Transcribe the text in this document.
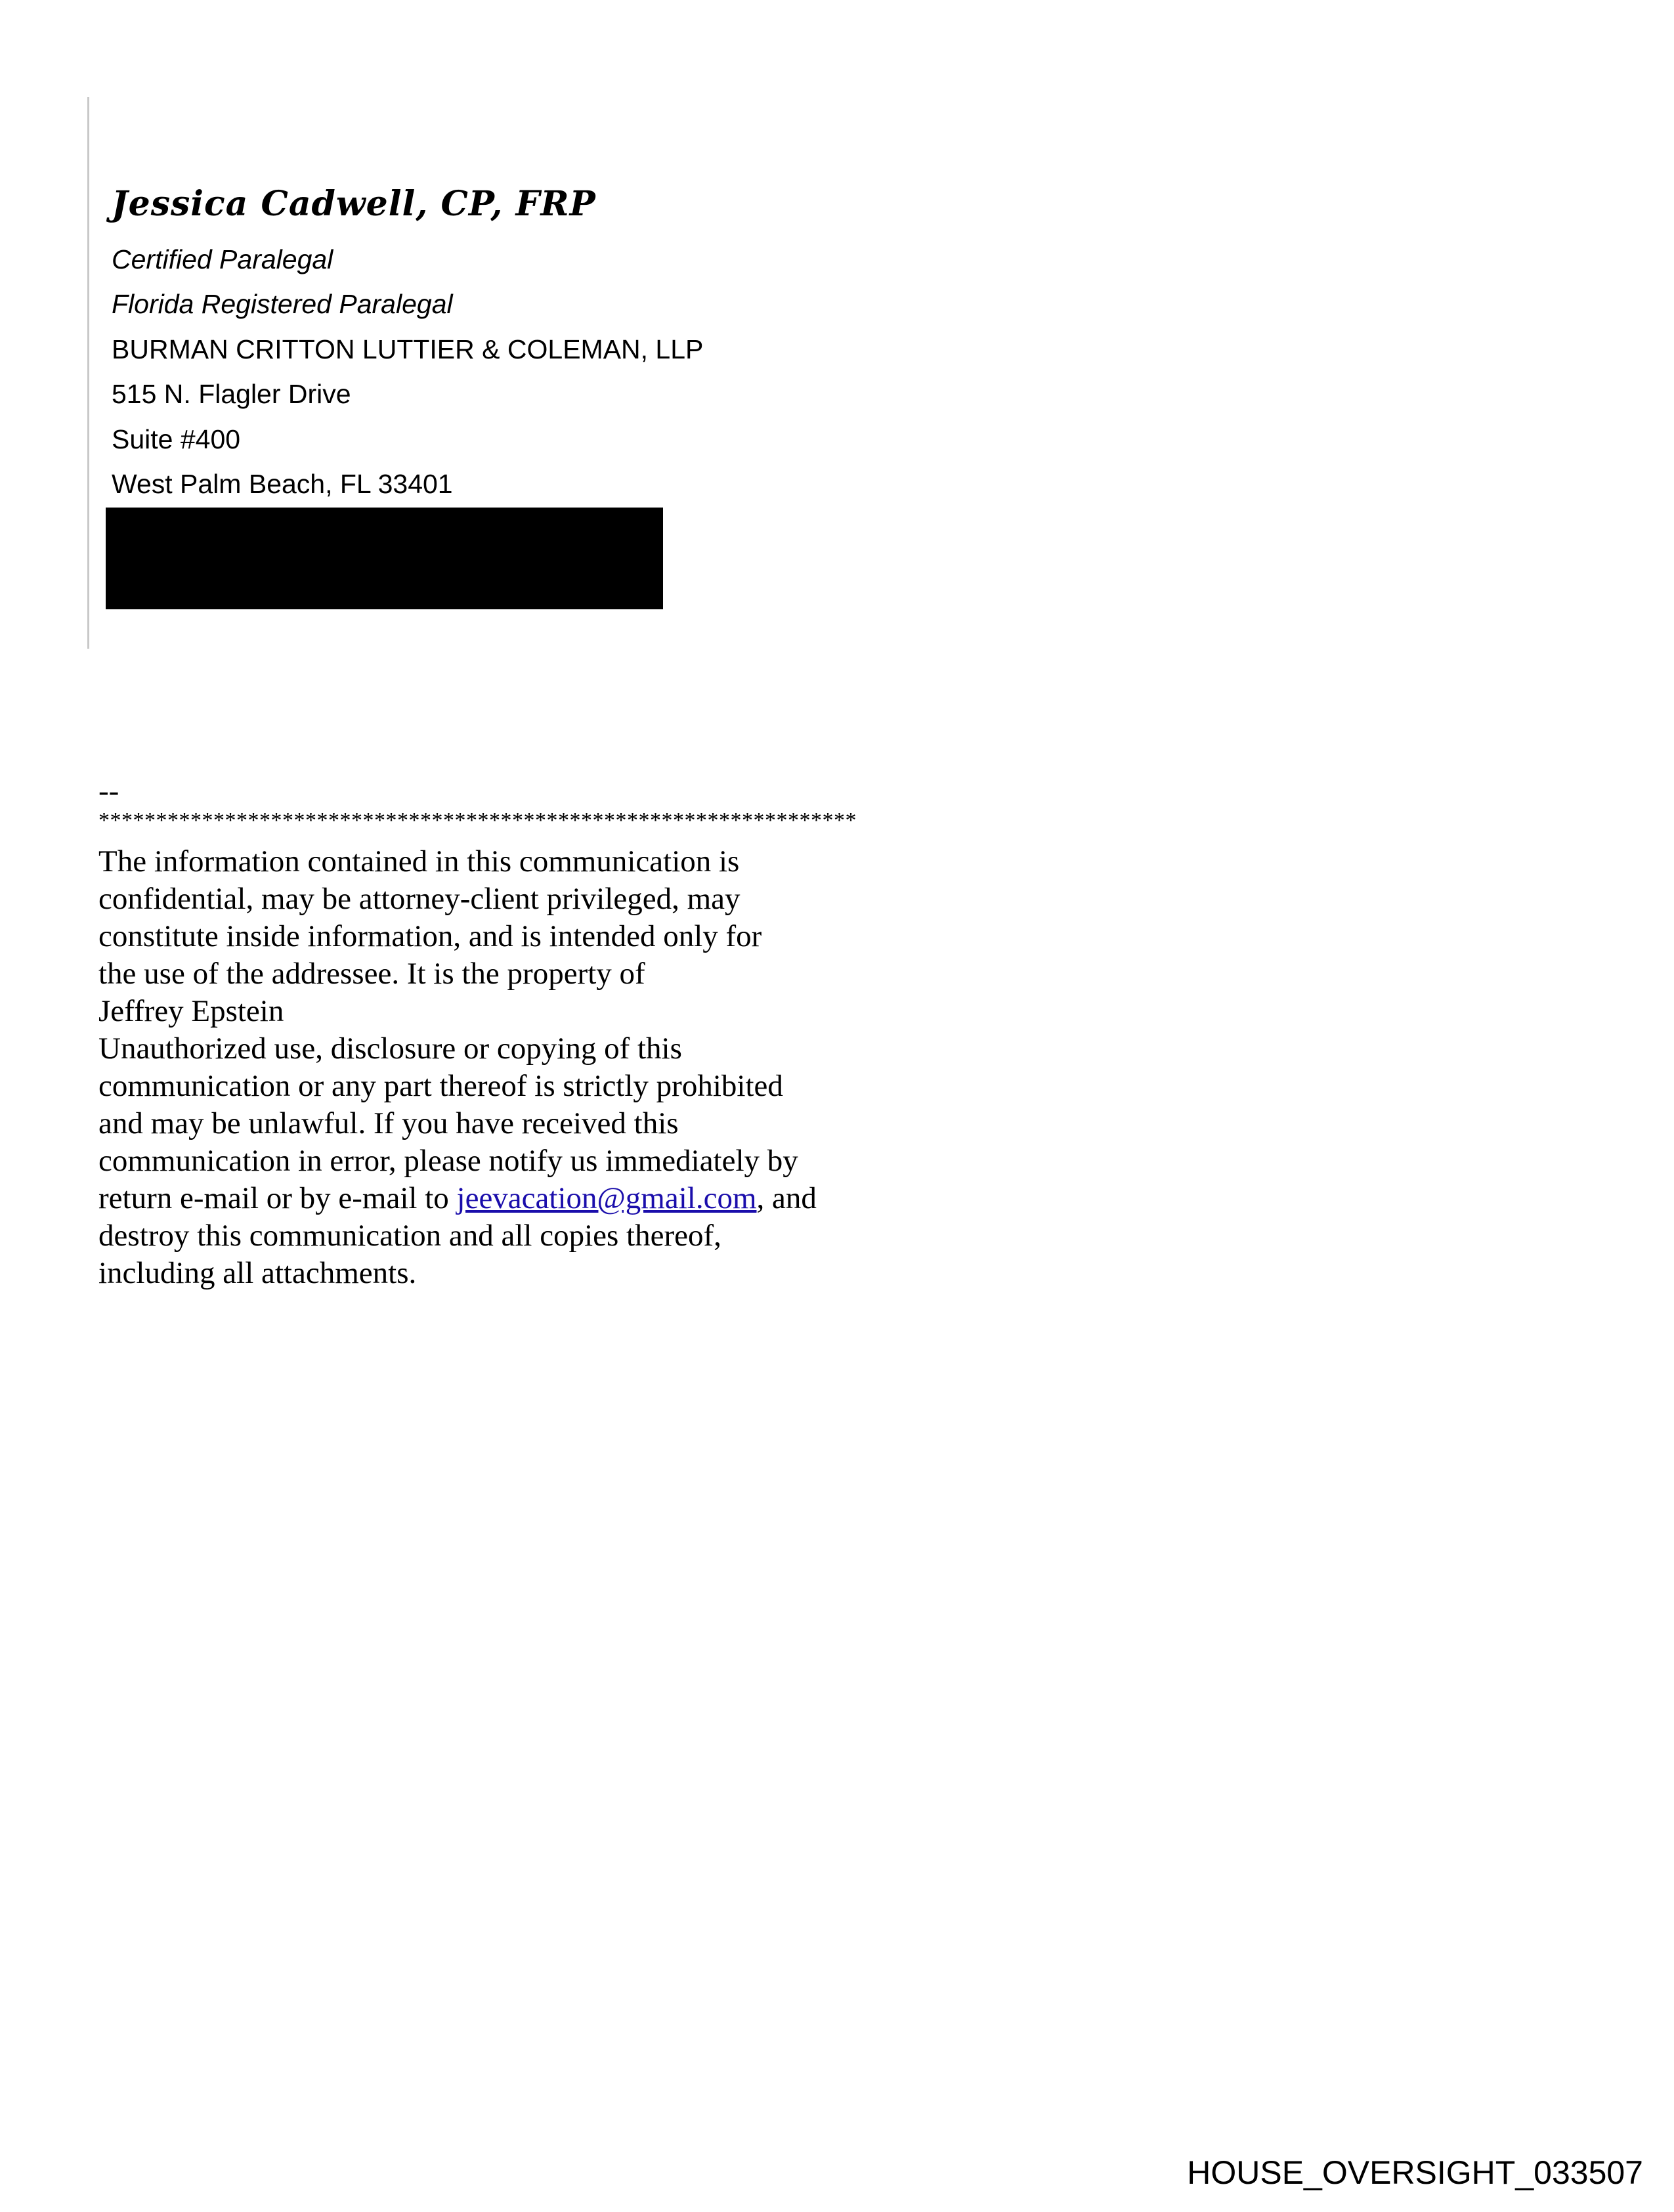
Jessica Cadwell, CP, FRP
Certified Paralegal
Florida Registered Paralegal
BURMAN CRITTON LUTTIER & COLEMAN, LLP
515 N. Flagler Drive
Suite #400
West Palm Beach, FL 33401
--
******************************************************************
The information contained in this communication is
confidential, may be attorney-client privileged, may
constitute inside information, and is intended only for
the use of the addressee. It is the property of
Jeffrey Epstein
Unauthorized use, disclosure or copying of this
communication or any part thereof is strictly prohibited
and may be unlawful. If you have received this
communication in error, please notify us immediately by
return e-mail or by e-mail to jeevacation@gmail.com, and
destroy this communication and all copies thereof,
including all attachments.
HOUSE_OVERSIGHT_033507
